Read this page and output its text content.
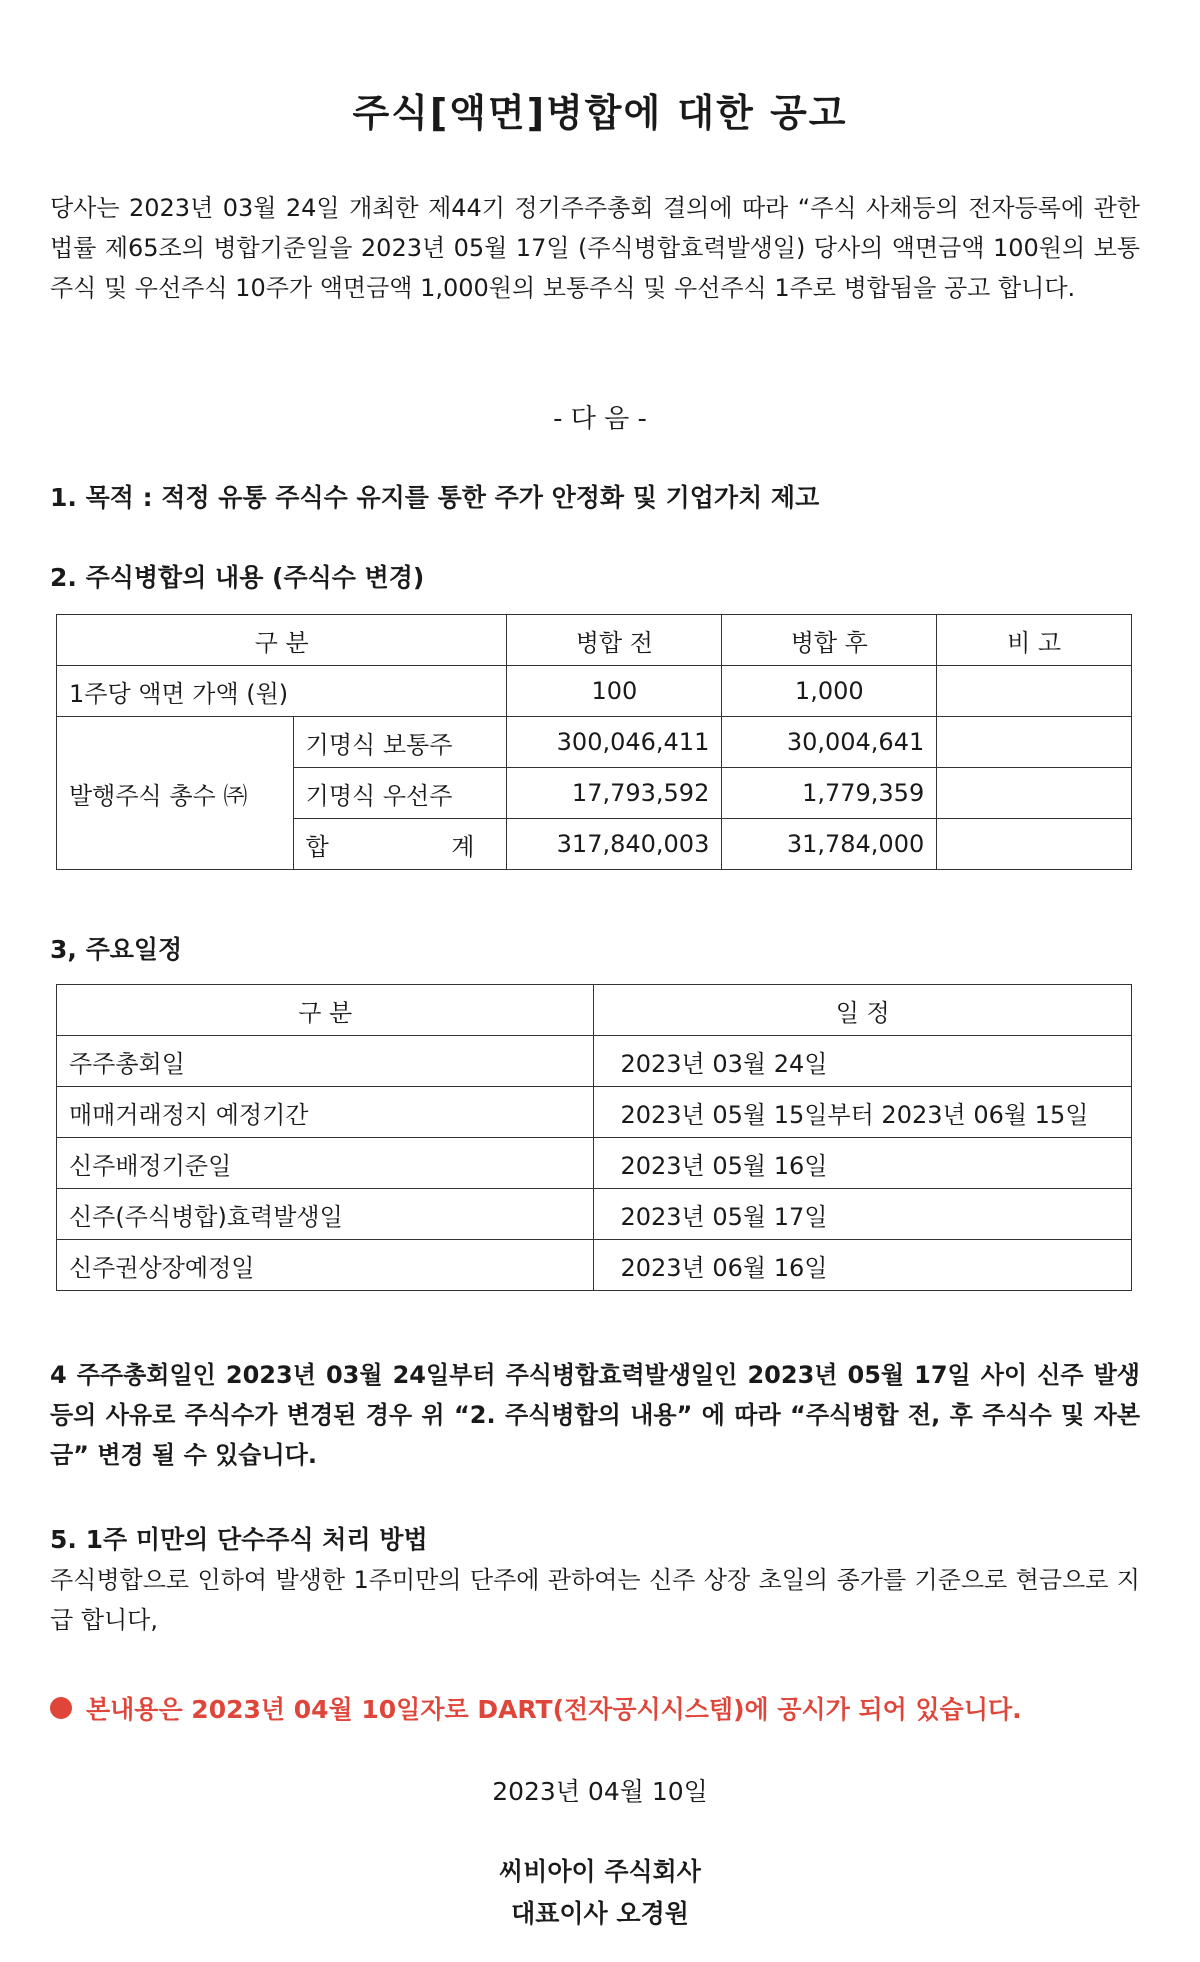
주식[액면]병합에 대한 공고
당사는 2023년 03월 24일 개최한 제44기 정기주주총회 결의에 따라 “주식 사채등의 전자등록에 관한 법률 제65조의 병합기준일을 2023년 05월 17일 (주식병합효력발생일) 당사의 액면금액 100원의 보통주식 및 우선주식 10주가 액면금액 1,000원의 보통주식 및 우선주식 1주로 병합됨을 공고 합니다.
- 다 음 -
1. 목적 : 적정 유통 주식수 유지를 통한 주가 안정화 및 기업가치 제고
2. 주식병합의 내용 (주식수 변경)
구 분		병합 전	병합 후	비 고
1주당 액면 가액 (원)		100	1,000	
발행주식 총수 ㈜	기명식 보통주	300,046,411	30,004,641	
	기명식 우선주	17,793,592	1,779,359	

	합 계	317,840,003	31,784,000	
3, 주요일정
구 분	일 정
주주총회일	2023년 03월 24일
매매거래정지 예정기간	2023년 05월 15일부터 2023년 06월 15일
신주배정기준일	2023년 05월 16일
신주(주식병합)효력발생일	2023년 05월 17일
신주권상장예정일	2023년 06월 16일
4 주주총회일인 2023년 03월 24일부터 주식병합효력발생일인 2023년 05월 17일 사이 신주 발생 등의 사유로 주식수가 변경된 경우 위 “2. 주식병합의 내용” 에 따라 “주식병합 전, 후 주식수 및 자본금” 변경 될 수 있습니다.
5. 1주 미만의 단수주식 처리 방법
주식병합으로 인하여 발생한 1주미만의 단주에 관하여는 신주 상장 초일의 종가를 기준으로 현금으로 지급 합니다,
본내용은 2023년 04월 10일자로 DART(전자공시시스템)에 공시가 되어 있습니다.
2023년 04월 10일
씨비아이 주식회사
대표이사 오경원
